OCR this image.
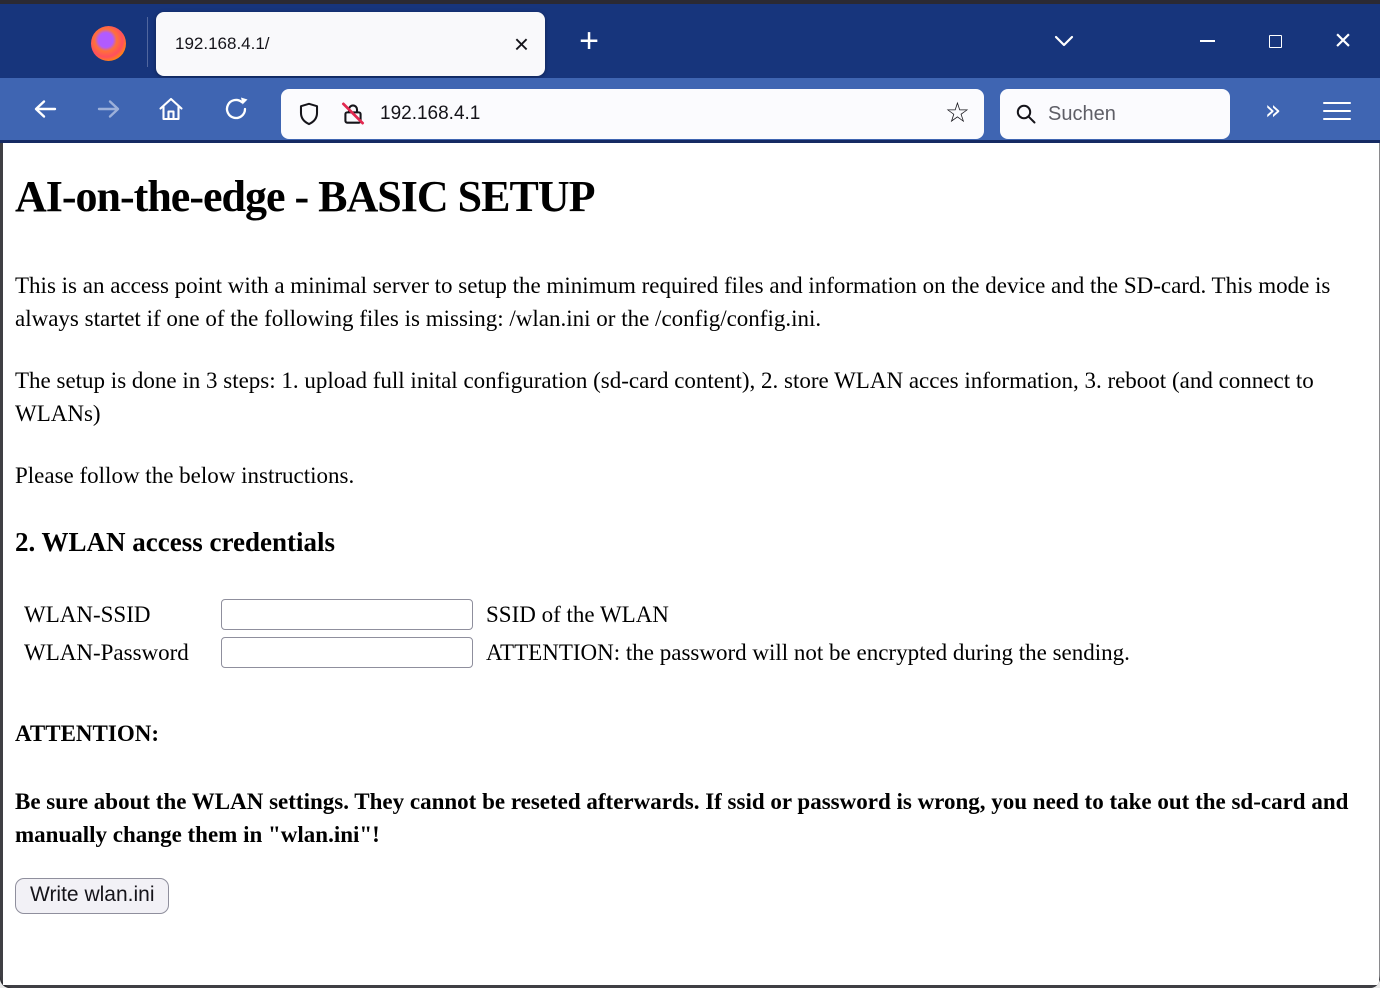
192.168.4.1/	× +	×
192.168.4.1	☆
Suchen	»
AI-on-the-edge - BASIC SETUP

This is an access point with a minimal server to setup the minimum required files and information on the device and the SD-card. This mode is always startet if one of the following files is missing: /wlan.ini or the /config/config.ini.

The setup is done in 3 steps: 1. upload full inital configuration (sd-card content), 2. store WLAN acces information, 3. reboot (and connect to WLANs)

Please follow the below instructions.

2. WLAN access credentials
WLAN-SSID	SSID of the WLAN
WLAN-Password	ATTENTION: the password will not be encrypted during the sending.

ATTENTION:

Be sure about the WLAN settings. They cannot be reseted afterwards. If ssid or password is wrong, you need to take out the sd-card and manually change them in "wlan.ini"!

Write wlan.ini
